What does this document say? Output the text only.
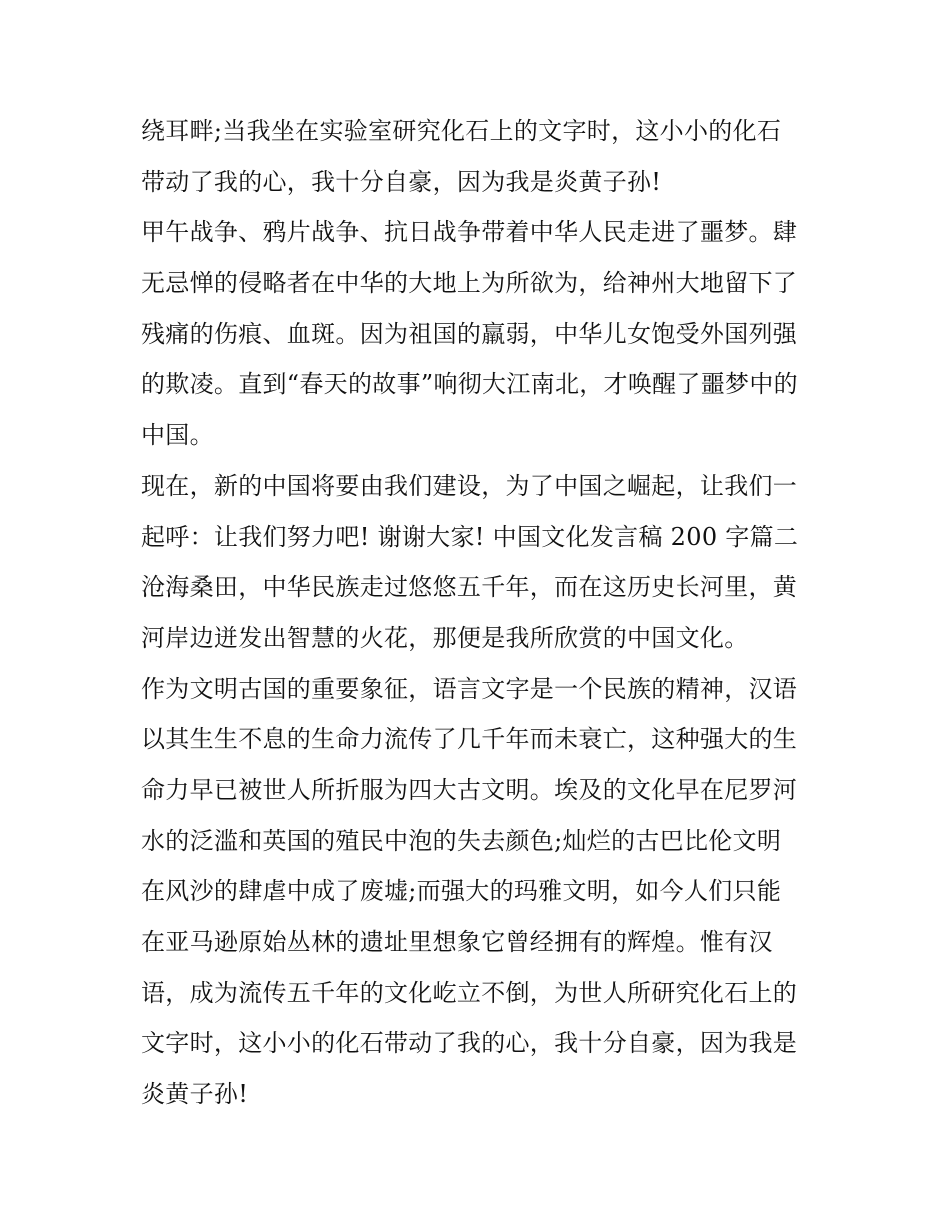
绕耳畔;当我坐在实验室研究化石上的文字时，这小小的化石
带动了我的心，我十分自豪，因为我是炎黄子孙!
甲午战争、鸦片战争、抗日战争带着中华人民走进了噩梦。肆
无忌惮的侵略者在中华的大地上为所欲为，给神州大地留下了
残痛的伤痕、血斑。因为祖国的羸弱，中华儿女饱受外国列强
的欺凌。直到“春天的故事”响彻大江南北，才唤醒了噩梦中的
中国。
现在，新的中国将要由我们建设，为了中国之崛起，让我们一
起呼：让我们努力吧! 谢谢大家! 中国文化发言稿 200 字篇二
沧海桑田，中华民族走过悠悠五千年，而在这历史长河里，黄
河岸边迸发出智慧的火花，那便是我所欣赏的中国文化。
作为文明古国的重要象征，语言文字是一个民族的精神，汉语
以其生生不息的生命力流传了几千年而未衰亡，这种强大的生
命力早已被世人所折服为四大古文明。埃及的文化早在尼罗河
水的泛滥和英国的殖民中泡的失去颜色;灿烂的古巴比伦文明
在风沙的肆虐中成了废墟;而强大的玛雅文明，如今人们只能
在亚马逊原始丛林的遗址里想象它曾经拥有的辉煌。惟有汉
语，成为流传五千年的文化屹立不倒，为世人所研究化石上的
文字时，这小小的化石带动了我的心，我十分自豪，因为我是
炎黄子孙!
